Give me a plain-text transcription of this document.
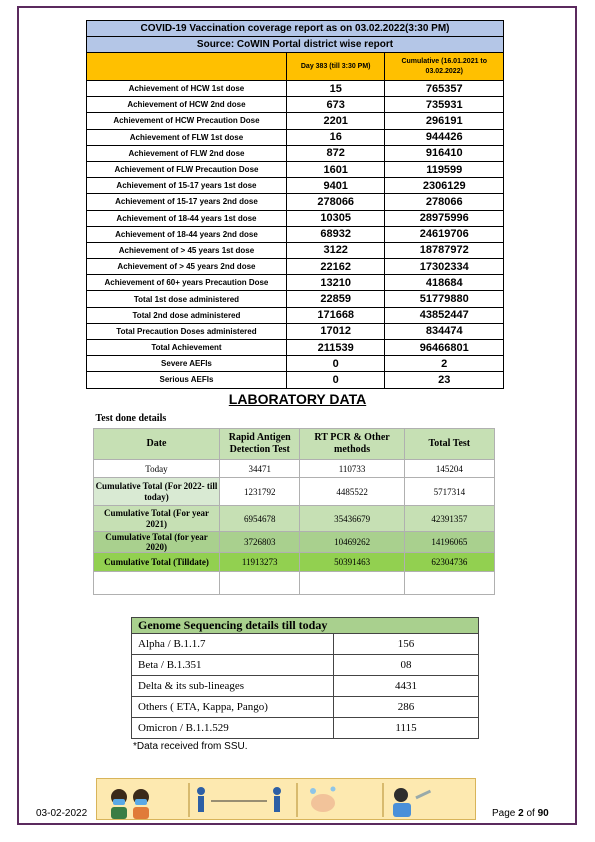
COVID-19 Vaccination coverage report as on 03.02.2022(3:30 PM)		
Source: CoWIN Portal district wise report		
	Day 383 (till 3:30 PM)	Cumulative (16.01.2021 to 03.02.2022)
Achievement of HCW 1st dose	15	765357
Achievement of HCW 2nd dose	673	735931
Achievement of HCW Precaution Dose	2201	296191
Achievement of FLW 1st dose	16	944426
Achievement of FLW 2nd dose	872	916410
Achievement of FLW Precaution Dose	1601	119599
Achievement of 15-17 years 1st dose	9401	2306129
Achievement of 15-17 years 2nd dose	278066	278066
Achievement of 18-44 years 1st dose	10305	28975996
Achievement of 18-44 years 2nd dose	68932	24619706
Achievement of > 45 years 1st dose	3122	18787972
Achievement of > 45 years 2nd dose	22162	17302334
Achievement of 60+ years Precaution Dose	13210	418684
Total 1st dose administered	22859	51779880
Total 2nd dose administered	171668	43852447
Total Precaution Doses administered	17012	834474
Total Achievement	211539	96466801
Severe AEFIs	0	2
Serious AEFIs	0	23
LABORATORY DATA
Test done details			
Date	Rapid Antigen Detection Test	RT PCR & Other methods	Total Test
Today	34471	110733	145204
Cumulative Total (For 2022- till today)	1231792	4485522	5717314
Cumulative Total (For year 2021)	6954678	35436679	42391357
Cumulative Total (for year 2020)	3726803	10469262	14196065
Cumulative Total (Tilldate)	11913273	50391463	62304736

Genome Sequencing details till today	
Alpha / B.1.1.7	156
Beta / B.1.351	08
Delta & its sub-lineages	4431
Others ( ETA, Kappa, Pango)	286
Omicron / B.1.1.529	1115
*Data received from SSU.
03-02-2022	Page 2 of 90
